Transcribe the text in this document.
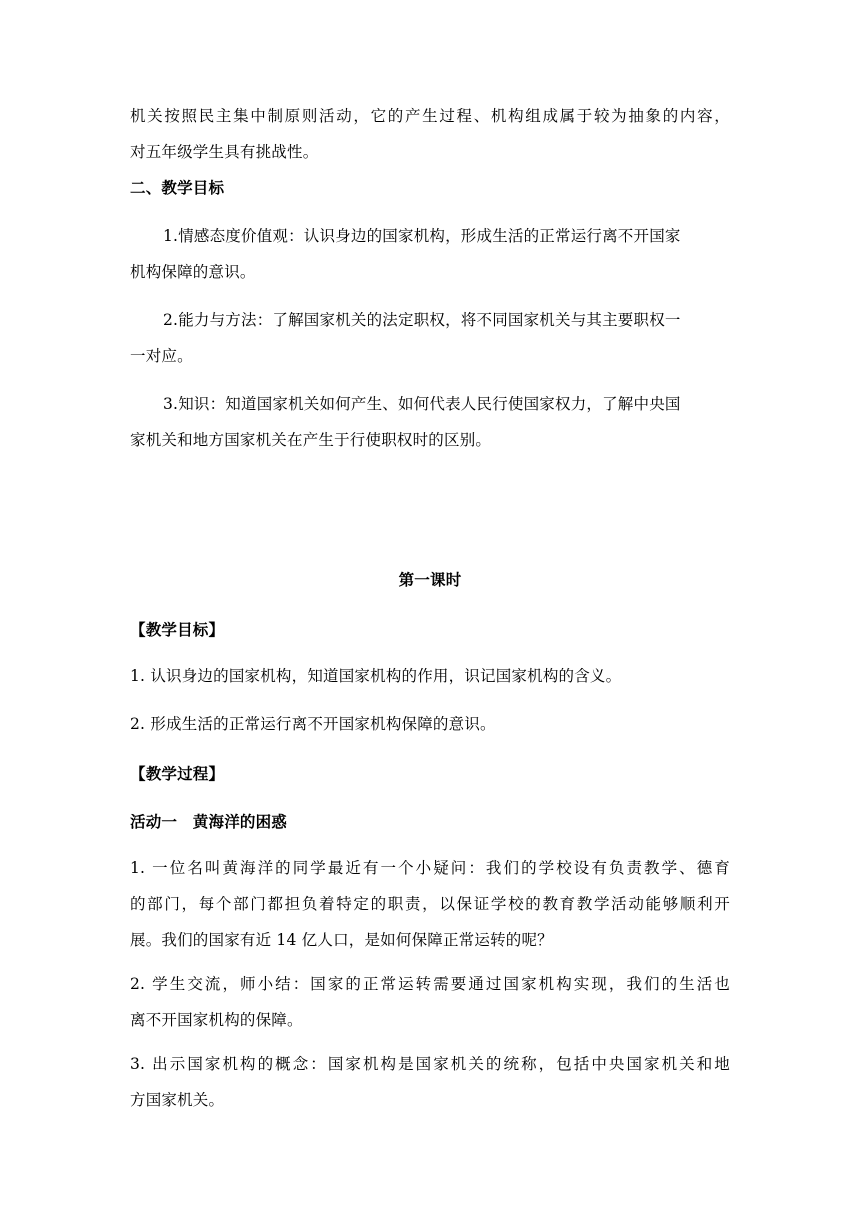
机关按照民主集中制原则活动，它的产生过程、机构组成属于较为抽象的内容，
对五年级学生具有挑战性。
二、教学目标
1.情感态度价值观：认识身边的国家机构，形成生活的正常运行离不开国家
机构保障的意识。
2.能力与方法：了解国家机关的法定职权，将不同国家机关与其主要职权一
一对应。
3.知识：知道国家机关如何产生、如何代表人民行使国家权力，了解中央国
家机关和地方国家机关在产生于行使职权时的区别。
第一课时
【教学目标】
1. 认识身边的国家机构，知道国家机构的作用，识记国家机构的含义。
2. 形成生活的正常运行离不开国家机构保障的意识。
【教学过程】
活动一　黄海洋的困惑
1. 一位名叫黄海洋的同学最近有一个小疑问：我们的学校设有负责教学、德育
的部门，每个部门都担负着特定的职责，以保证学校的教育教学活动能够顺利开
展。我们的国家有近 14 亿人口，是如何保障正常运转的呢？
2. 学生交流，师小结：国家的正常运转需要通过国家机构实现，我们的生活也
离不开国家机构的保障。
3. 出示国家机构的概念：国家机构是国家机关的统称，包括中央国家机关和地
方国家机关。
